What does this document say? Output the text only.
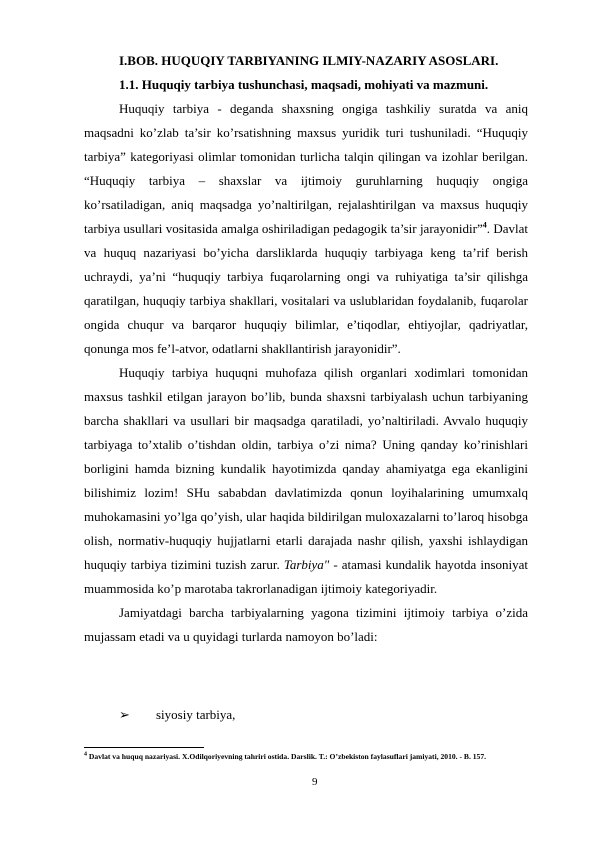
I.BOB. HUQUQIY TARBIYANING ILMIY-NAZARIY ASOSLARI.
1.1. Huquqiy tarbiya tushunchasi, maqsadi, mohiyati va mazmuni.

Huquqiy tarbiya - deganda shaxsning ongiga tashkiliy suratda va aniq maqsadni ko’zlab ta’sir ko’rsatishning maxsus yuridik turi tushuniladi. “Huquqiy tarbiya” kategoriyasi olimlar tomonidan turlicha talqin qilingan va izohlar berilgan. “Huquqiy tarbiya – shaxslar va ijtimoiy guruhlarning huquqiy ongiga ko’rsatiladigan, aniq maqsadga yo’naltirilgan, rejalashtirilgan va maxsus huquqiy tarbiya usullari vositasida amalga oshiriladigan pedagogik ta’sir jarayonidir”$^4$. Davlat va huquq nazariyasi bo’yicha darsliklarda huquqiy tarbiyaga keng ta’rif berish uchraydi, ya’ni “huquqiy tarbiya fuqarolarning ongi va ruhiyatiga ta’sir qilishga qaratilgan, huquqiy tarbiya shakllari, vositalari va uslublaridan foydalanib, fuqarolar ongida chuqur va barqaror huquqiy bilimlar, e’tiqodlar, ehtiyojlar, qadriyatlar, qonunga mos fe’l-atvor, odatlarni shakllantirish jarayonidir”.

Huquqiy tarbiya huquqni muhofaza qilish organlari xodimlari tomonidan maxsus tashkil etilgan jarayon bo’lib, bunda shaxsni tarbiyalash uchun tarbiyaning barcha shakllari va usullari bir maqsadga qaratiladi, yo’naltiriladi. Avvalo huquqiy tarbiyaga to’xtalib o’tishdan oldin, tarbiya o’zi nima? Uning qanday ko’rinishlari borligini hamda bizning kundalik hayotimizda qanday ahamiyatga ega ekanligini bilishimiz lozim! SHu sababdan davlatimizda qonun loyihalarining umumxalq muhokamasini yo’lga qo’yish, ular haqida bildirilgan muloxazalarni to’laroq hisobga olish, normativ-huquqiy hujjatlarni etarli darajada nashr qilish, yaxshi ishlaydigan huquqiy tarbiya tizimini tuzish zarur. Tarbiya" - atamasi kundalik hayotda insoniyat muammosida ko’p marotaba takrorlanadigan ijtimoiy kategoriyadir.

Jamiyatdagi barcha tarbiyalarning yagona tizimini ijtimoiy tarbiya o’zida mujassam etadi va u quyidagi turlarda namoyon bo’ladi:

➢ siyosiy tarbiya,
$^4$ Davlat va huquq nazariyasi. X.Odilqoriyevning tahriri ostida. Darslik. T.: O’zbekiston faylasuflari jamiyati, 2010. - B. 157.
9
